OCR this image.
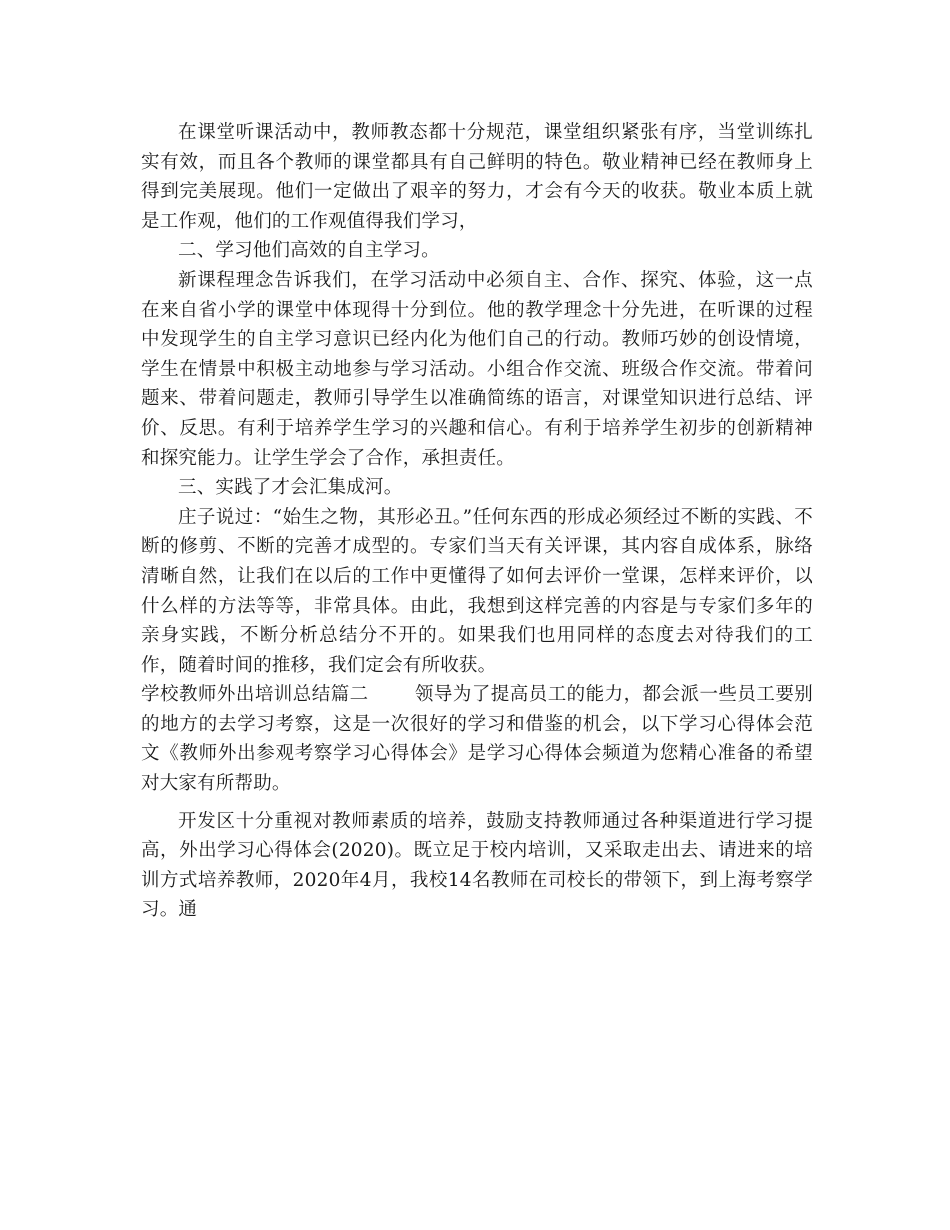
在课堂听课活动中，教师教态都十分规范，课堂组织紧张有序，当堂训练扎实有效，而且各个教师的课堂都具有自己鲜明的特色。敬业精神已经在教师身上得到完美展现。他们一定做出了艰辛的努力，才会有今天的收获。敬业本质上就是工作观，他们的工作观值得我们学习，

二、学习他们高效的自主学习。

新课程理念告诉我们，在学习活动中必须自主、合作、探究、体验，这一点在来自省小学的课堂中体现得十分到位。他的教学理念十分先进，在听课的过程中发现学生的自主学习意识已经内化为他们自己的行动。教师巧妙的创设情境，学生在情景中积极主动地参与学习活动。小组合作交流、班级合作交流。带着问题来、带着问题走，教师引导学生以准确简练的语言，对课堂知识进行总结、评价、反思。有利于培养学生学习的兴趣和信心。有利于培养学生初步的创新精神和探究能力。让学生学会了合作，承担责任。

三、实践了才会汇集成河。

庄子说过：“始生之物，其形必丑。”任何东西的形成必须经过不断的实践、不断的修剪、不断的完善才成型的。专家们当天有关评课，其内容自成体系，脉络清晰自然，让我们在以后的工作中更懂得了如何去评价一堂课，怎样来评价，以什么样的方法等等，非常具体。由此，我想到这样完善的内容是与专家们多年的亲身实践，不断分析总结分不开的。如果我们也用同样的态度去对待我们的工作，随着时间的推移，我们定会有所收获。

学校教师外出培训总结篇二 领导为了提高员工的能力，都会派一些员工要别的地方的去学习考察，这是一次很好的学习和借鉴的机会，以下学习心得体会范文《教师外出参观考察学习心得体会》是学习心得体会频道为您精心准备的希望对大家有所帮助。

开发区十分重视对教师素质的培养，鼓励支持教师通过各种渠道进行学习提高，外出学习心得体会(2020)。既立足于校内培训，又采取走出去、请进来的培训方式培养教师，2020年4月，我校14名教师在司校长的带领下，到上海考察学习。通
